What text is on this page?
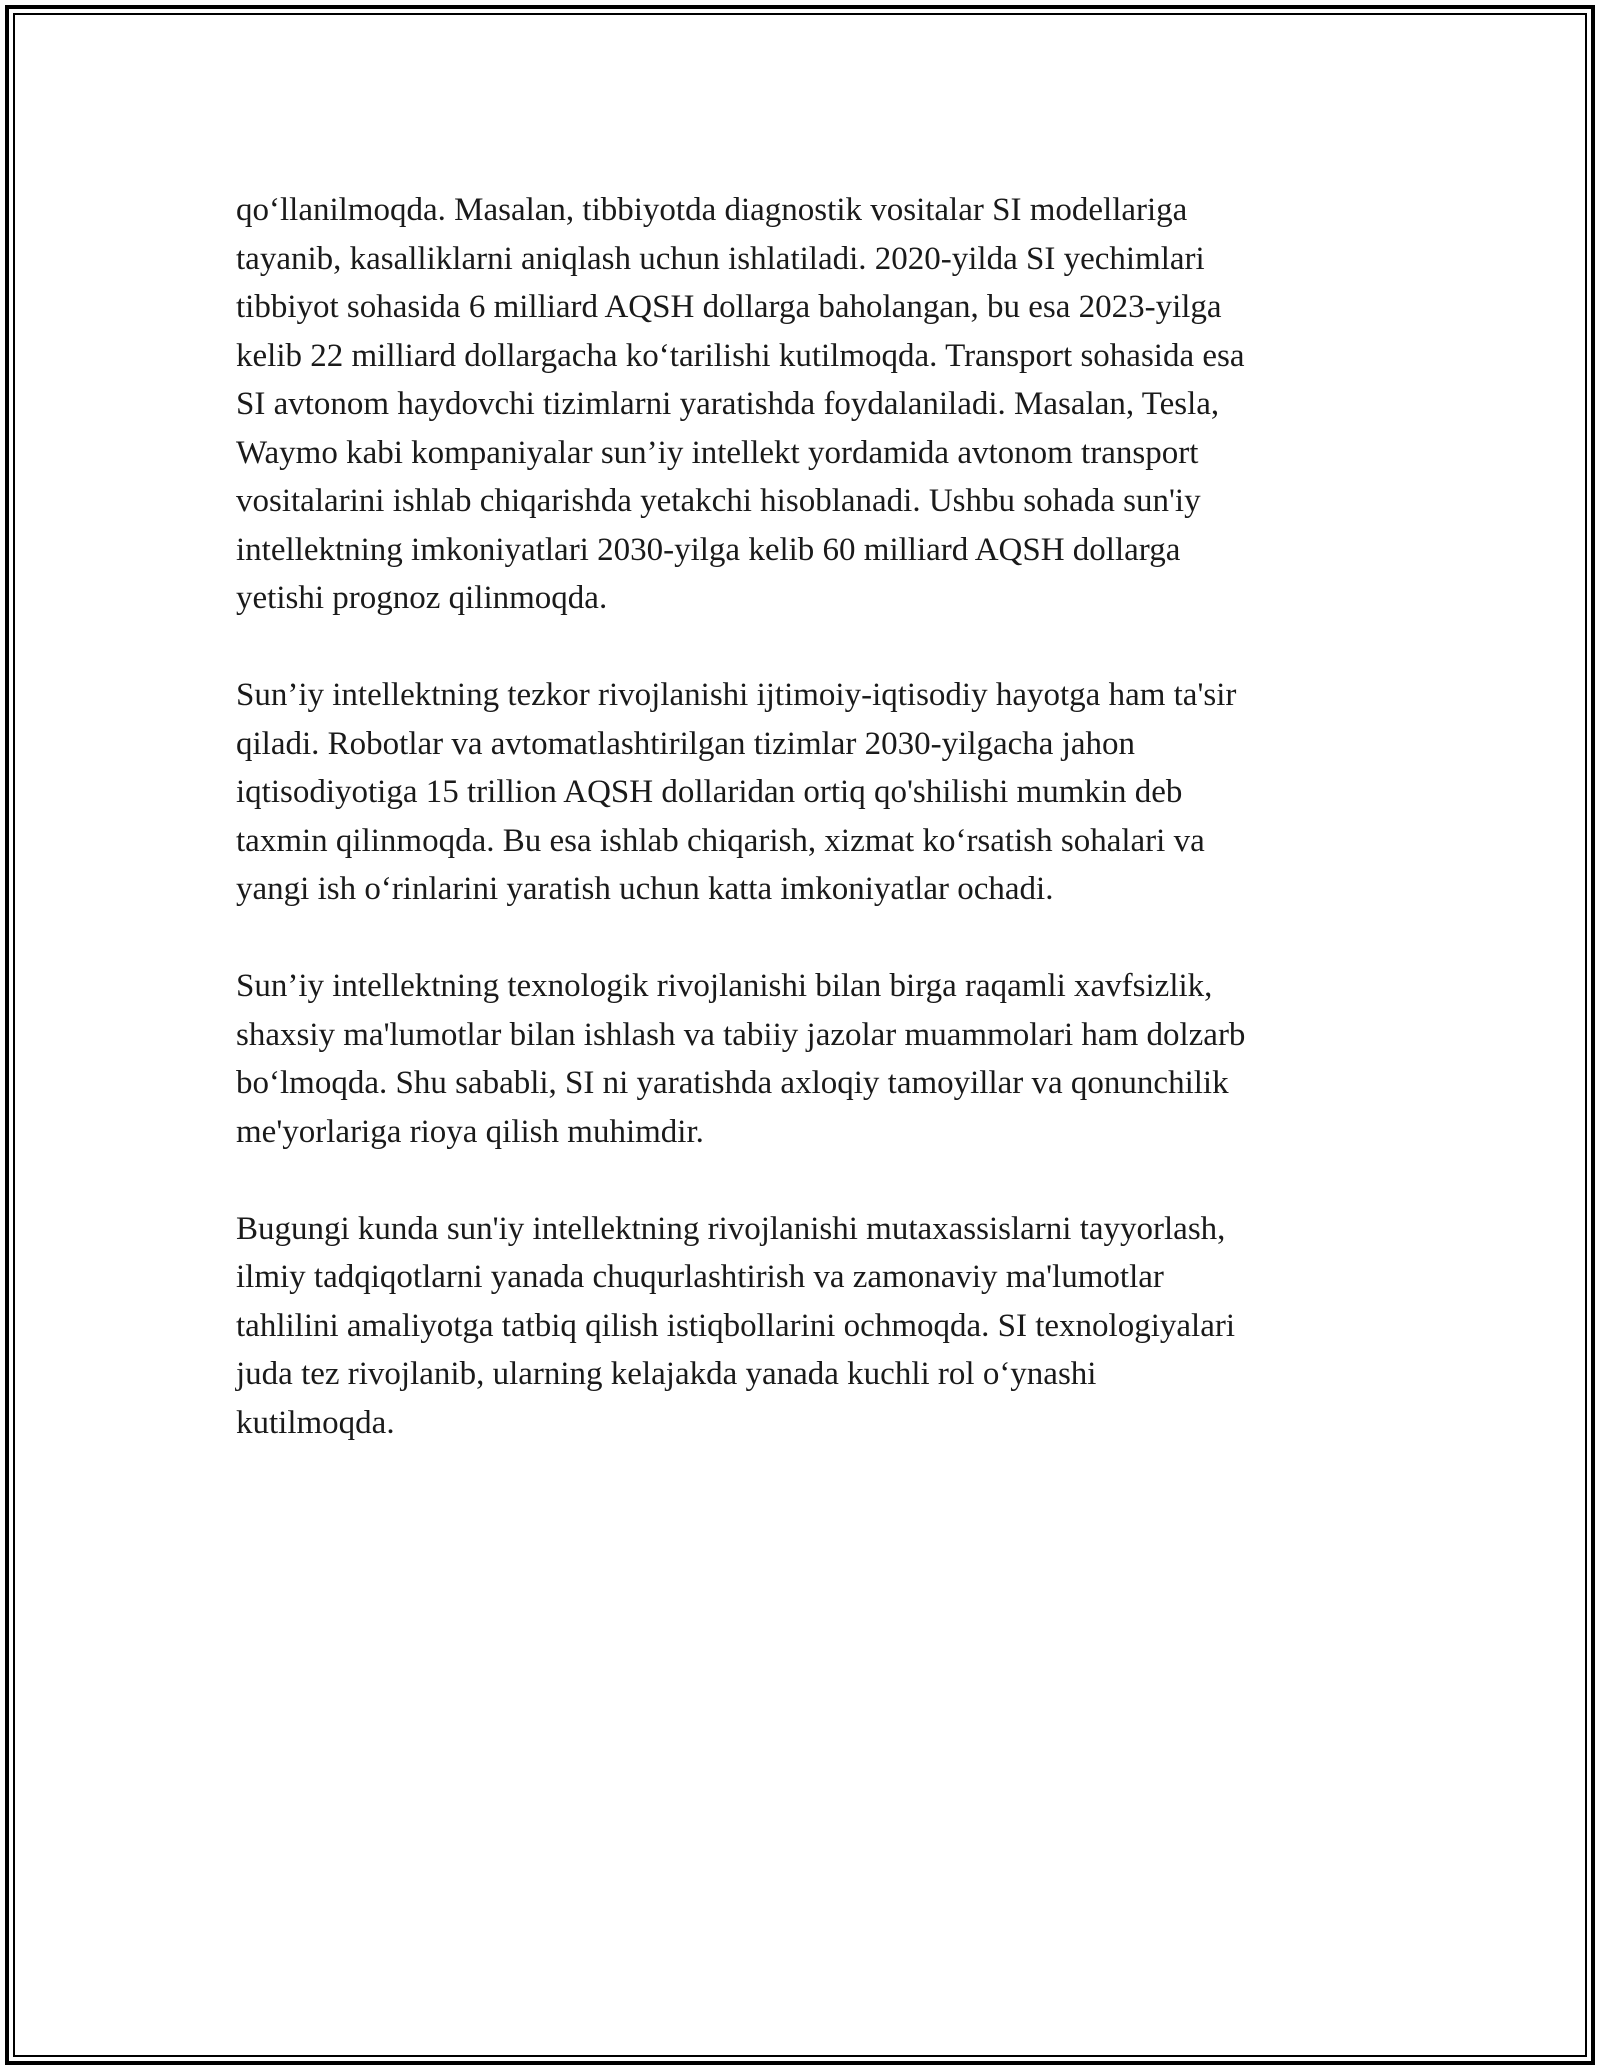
qo‘llanilmoqda. Masalan, tibbiyotda diagnostik vositalar SI modellariga
tayanib, kasalliklarni aniqlash uchun ishlatiladi. 2020-yilda SI yechimlari
tibbiyot sohasida 6 milliard AQSH dollarga baholangan, bu esa 2023-yilga
kelib 22 milliard dollargacha ko‘tarilishi kutilmoqda. Transport sohasida esa
SI avtonom haydovchi tizimlarni yaratishda foydalaniladi. Masalan, Tesla,
Waymo kabi kompaniyalar sun’iy intellekt yordamida avtonom transport
vositalarini ishlab chiqarishda yetakchi hisoblanadi. Ushbu sohada sun'iy
intellektning imkoniyatlari 2030-yilga kelib 60 milliard AQSH dollarga
yetishi prognoz qilinmoqda.

Sun’iy intellektning tezkor rivojlanishi ijtimoiy-iqtisodiy hayotga ham ta'sir
qiladi. Robotlar va avtomatlashtirilgan tizimlar 2030-yilgacha jahon
iqtisodiyotiga 15 trillion AQSH dollaridan ortiq qo'shilishi mumkin deb
taxmin qilinmoqda. Bu esa ishlab chiqarish, xizmat ko‘rsatish sohalari va
yangi ish o‘rinlarini yaratish uchun katta imkoniyatlar ochadi.

Sun’iy intellektning texnologik rivojlanishi bilan birga raqamli xavfsizlik,
shaxsiy ma'lumotlar bilan ishlash va tabiiy jazolar muammolari ham dolzarb
bo‘lmoqda. Shu sababli, SI ni yaratishda axloqiy tamoyillar va qonunchilik
me'yorlariga rioya qilish muhimdir.

Bugungi kunda sun'iy intellektning rivojlanishi mutaxassislarni tayyorlash,
ilmiy tadqiqotlarni yanada chuqurlashtirish va zamonaviy ma'lumotlar
tahlilini amaliyotga tatbiq qilish istiqbollarini ochmoqda. SI texnologiyalari
juda tez rivojlanib, ularning kelajakda yanada kuchli rol o‘ynashi
kutilmoqda.
